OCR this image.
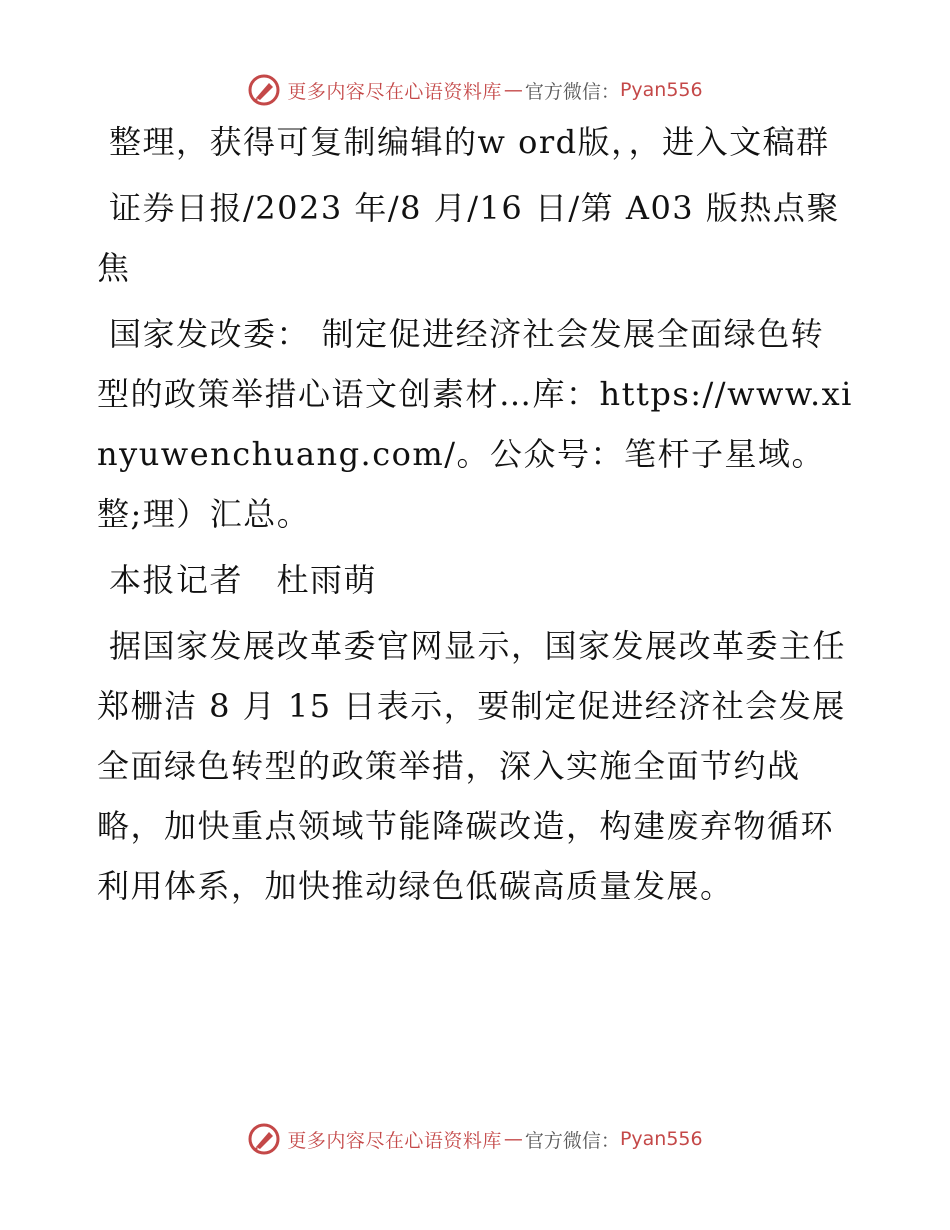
更多内容尽在心语资料库 — 官方微信： Pyan556

整理，获得可复制编辑的w ord版，，进入文稿群

证券日报/2023 年/8 月/16 日/第 A03 版热点聚焦

国家发改委： 制定促进经济社会发展全面绿色转型的政策举措心语文创素材…库：https://www.xinyuwenchuang.com/。公众号：笔杆子星域。整;理）汇总。

本报记者　杜雨萌

据国家发展改革委官网显示，国家发展改革委主任郑栅洁 8 月 15 日表示，要制定促进经济社会发展全面绿色转型的政策举措，深入实施全面节约战略，加快重点领域节能降碳改造，构建废弃物循环利用体系，加快推动绿色低碳高质量发展。

更多内容尽在心语资料库 — 官方微信： Pyan556
